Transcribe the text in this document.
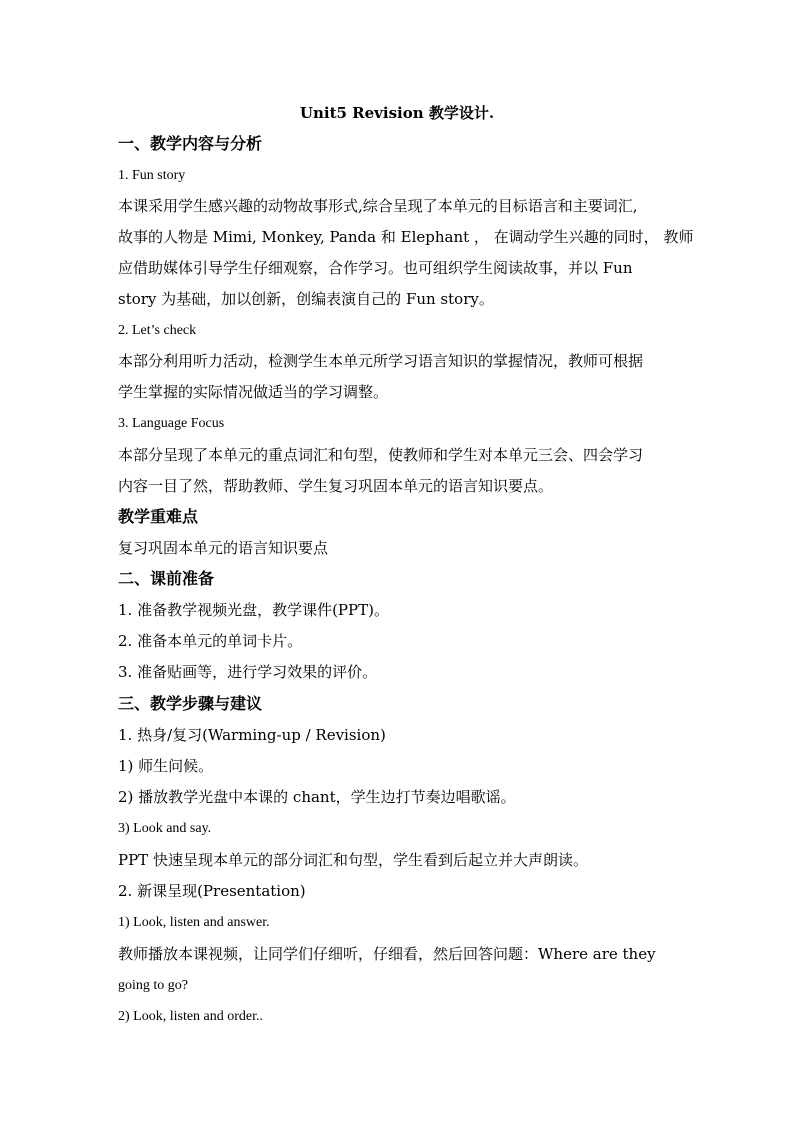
Unit5 Revision 教学设计.
一、教学内容与分析
1. Fun story
本课采用学生感兴趣的动物故事形式,综合呈现了本单元的目标语言和主要词汇,
故事的人物是 Mimi, Monkey, Panda 和 Elephant ， 在调动学生兴趣的同时， 教师
应借助媒体引导学生仔细观察，合作学习。也可组织学生阅读故事，并以 Fun
story 为基础，加以创新，创编表演自己的 Fun story。
2. Let’s check
本部分利用听力活动，检测学生本单元所学习语言知识的掌握情况，教师可根据
学生掌握的实际情况做适当的学习调整。
3. Language Focus
本部分呈现了本单元的重点词汇和句型，使教师和学生对本单元三会、四会学习
内容一目了然，帮助教师、学生复习巩固本单元的语言知识要点。
教学重难点
复习巩固本单元的语言知识要点
二、课前准备
1. 准备教学视频光盘，教学课件(PPT)。
2. 准备本单元的单词卡片。
3. 准备贴画等，进行学习效果的评价。
三、教学步骤与建议
1. 热身/复习(Warming-up / Revision)
1) 师生问候。
2) 播放教学光盘中本课的 chant，学生边打节奏边唱歌谣。
3) Look and say.
PPT 快速呈现本单元的部分词汇和句型，学生看到后起立并大声朗读。
2. 新课呈现(Presentation)
1) Look, listen and answer.
教师播放本课视频，让同学们仔细听，仔细看，然后回答问题：Where are they
going to go?
2) Look, listen and order..
